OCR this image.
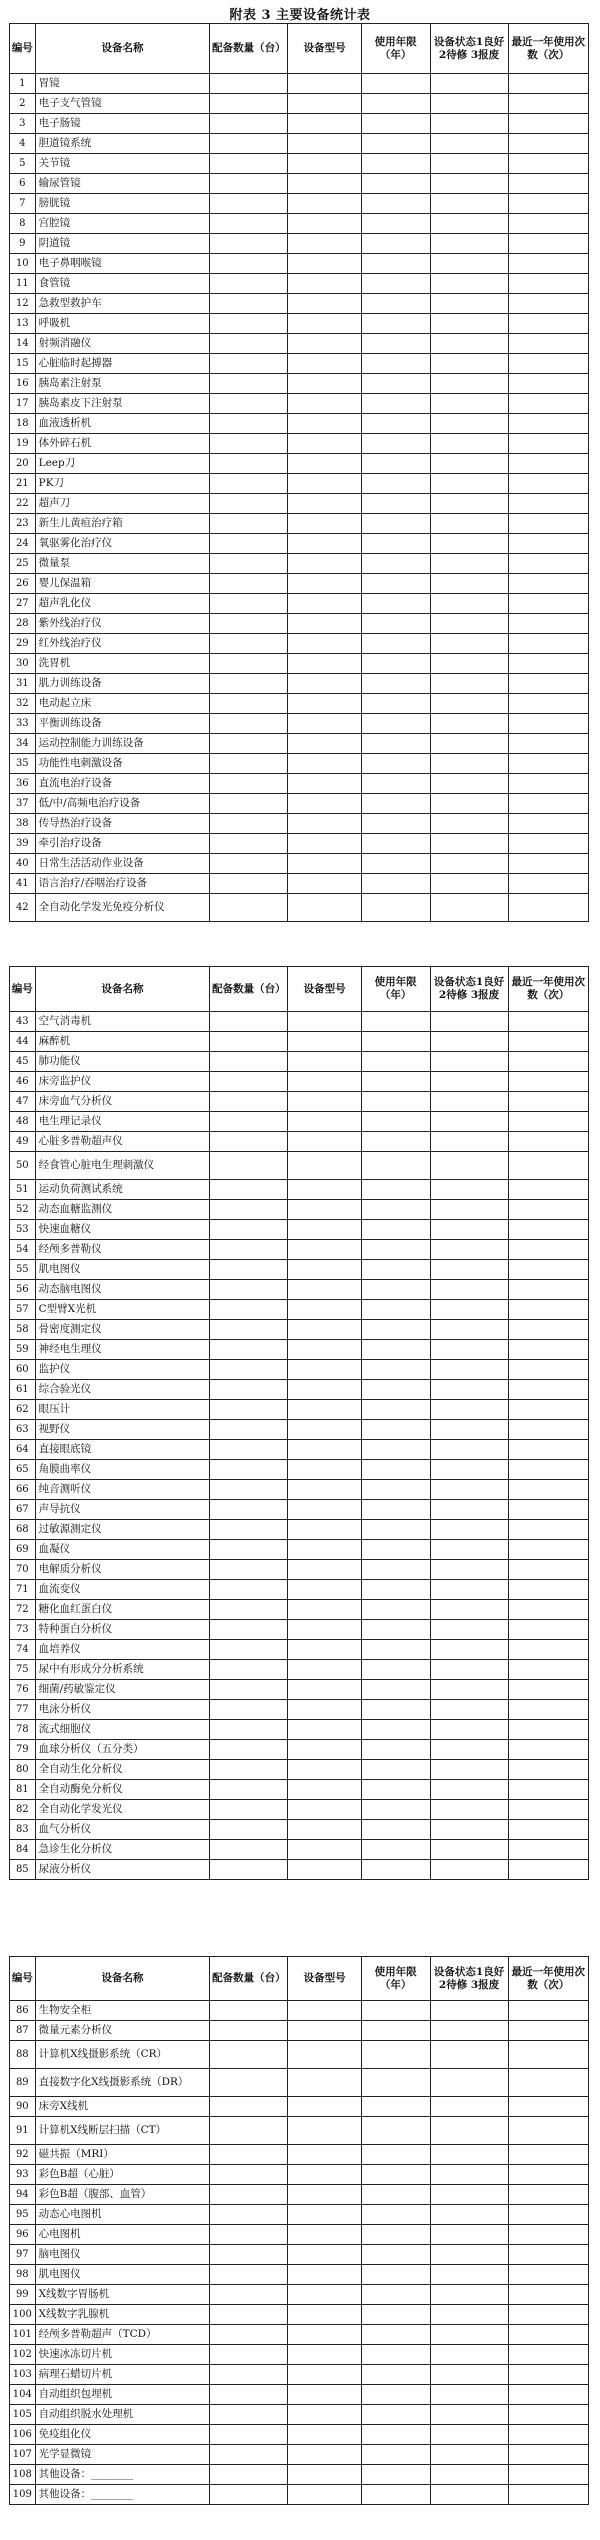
附表 3 主要设备统计表
编号	设备名称	配备数量（台）	设备型号	使用年限（年）	设备状态1良好 2待修 3报废	最近一年使用次数（次）
1	胃镜					
2	电子支气管镜					
3	电子肠镜					
4	胆道镜系统					
5	关节镜					
6	输尿管镜					
7	膀胱镜					
8	宫腔镜					
9	阴道镜					
10	电子鼻咽喉镜					
11	食管镜					
12	急救型救护车					
13	呼吸机					
14	射频消融仪					
15	心脏临时起搏器					
16	胰岛素注射泵					
17	胰岛素皮下注射泵					
18	血液透析机					
19	体外碎石机					
20	Leep刀					
21	PK刀					
22	超声刀					
23	新生儿黄疸治疗箱					
24	氧驱雾化治疗仪					
25	微量泵					
26	婴儿保温箱					
27	超声乳化仪					
28	紫外线治疗仪					
29	红外线治疗仪					
30	洗胃机					
31	肌力训练设备					
32	电动起立床					
33	平衡训练设备					
34	运动控制能力训练设备					
35	功能性电刺激设备					
36	直流电治疗设备					
37	低/中/高频电治疗设备					
38	传导热治疗设备					
39	牵引治疗设备					
40	日常生活活动作业设备					
41	语言治疗/吞咽治疗设备					
42	全自动化学发光免疫分析仪					
编号	设备名称	配备数量（台）	设备型号	使用年限（年）	设备状态1良好 2待修 3报废	最近一年使用次数（次）
43	空气消毒机					
44	麻醉机					
45	肺功能仪					
46	床旁监护仪					
47	床旁血气分析仪					
48	电生理记录仪					
49	心脏多普勒超声仪					
50	经食管心脏电生理刺激仪					
51	运动负荷测试系统					
52	动态血糖监测仪					
53	快速血糖仪					
54	经颅多普勒仪					
55	肌电图仪					
56	动态脑电图仪					
57	C型臂X光机					
58	骨密度测定仪					
59	神经电生理仪					
60	监护仪					
61	综合验光仪					
62	眼压计					
63	视野仪					
64	直接眼底镜					
65	角膜曲率仪					
66	纯音测听仪					
67	声导抗仪					
68	过敏源测定仪					
69	血凝仪					
70	电解质分析仪					
71	血流变仪					
72	糖化血红蛋白仪					
73	特种蛋白分析仪					
74	血培养仪					
75	尿中有形成分分析系统					
76	细菌/药敏鉴定仪					
77	电泳分析仪					
78	流式细胞仪					
79	血球分析仪（五分类）					
80	全自动生化分析仪					
81	全自动酶免分析仪					
82	全自动化学发光仪					
83	血气分析仪					
84	急诊生化分析仪					
85	尿液分析仪					
编号	设备名称	配备数量（台）	设备型号	使用年限（年）	设备状态1良好 2待修 3报废	最近一年使用次数（次）
86	生物安全柜					
87	微量元素分析仪					
88	计算机X线摄影系统（CR）					
89	直接数字化X线摄影系统（DR）					
90	床旁X线机					
91	计算机X线断层扫描（CT）					
92	磁共振（MRI）					
93	彩色B超（心脏）					
94	彩色B超（腹部、血管）					
95	动态心电图机					
96	心电图机					
97	脑电图仪					
98	肌电图仪					
99	X线数字胃肠机					
100	X线数字乳腺机					
101	经颅多普勒超声（TCD）					
102	快速冰冻切片机					
103	病理石蜡切片机					
104	自动组织包埋机					
105	自动组织脱水处理机					
106	免疫组化仪					
107	光学显微镜					
108	其他设备：________					
109	其他设备：________					
